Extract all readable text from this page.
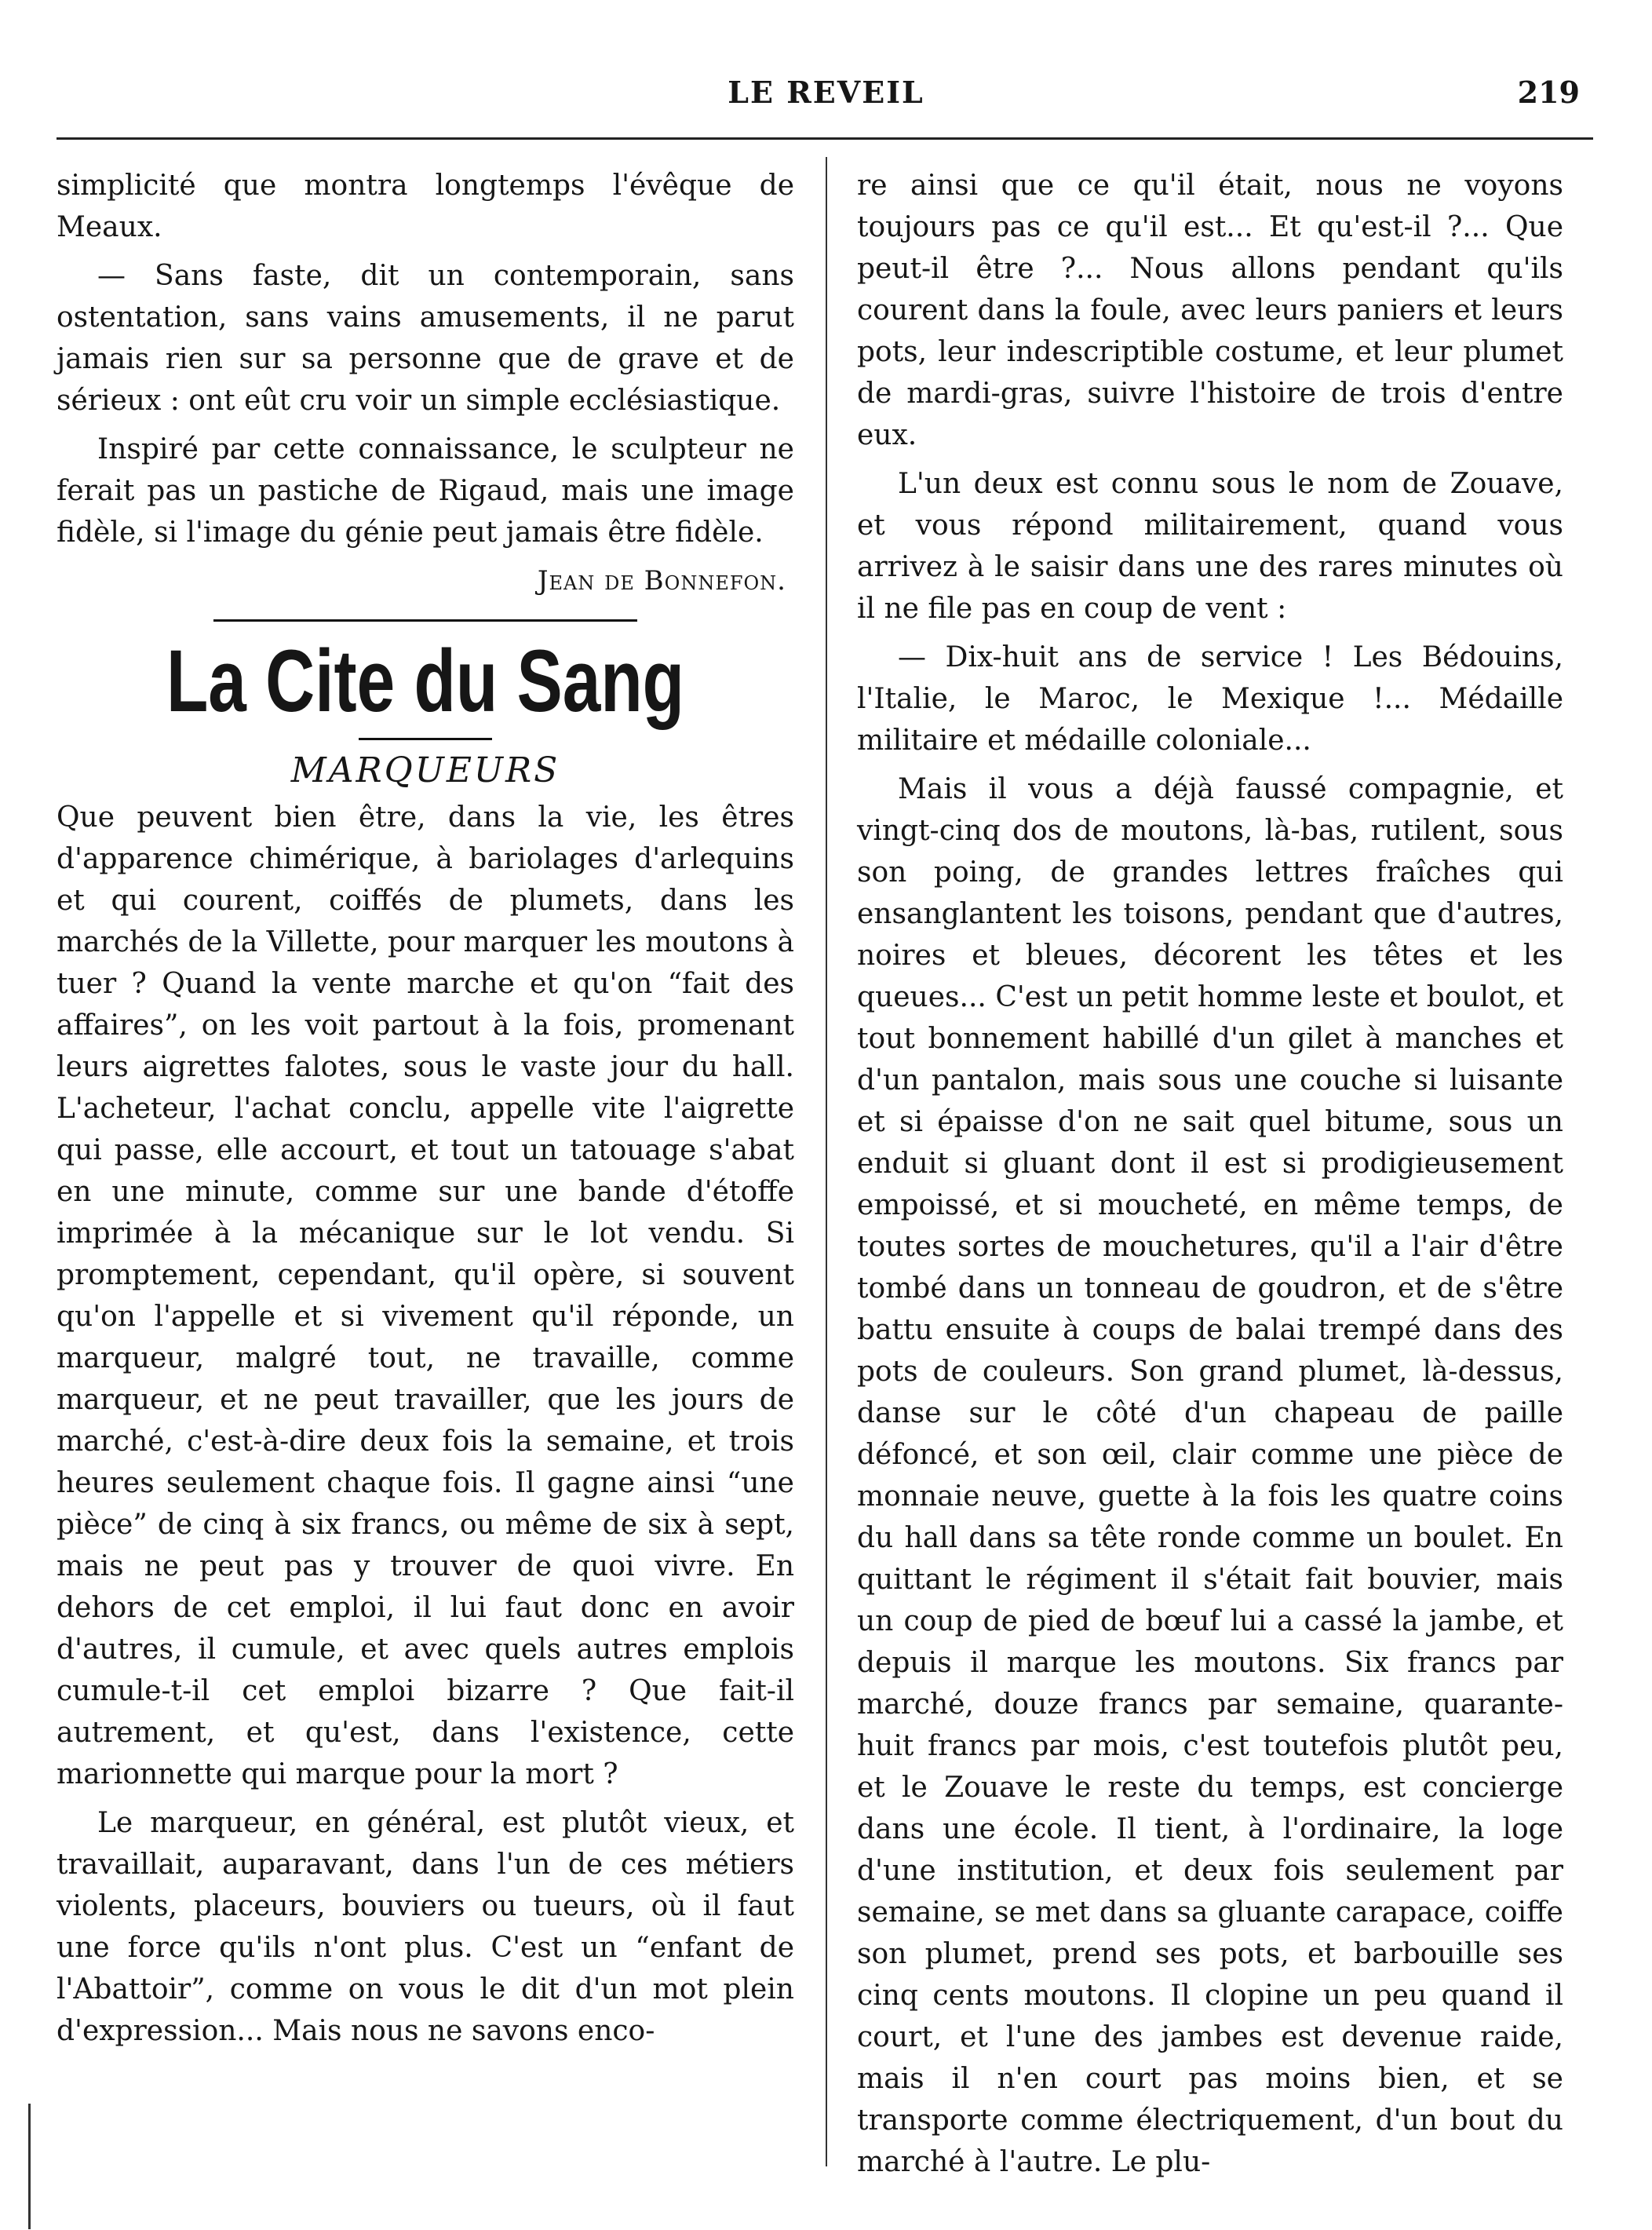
LE REVEIL	219

simplicité que montra longtemps l'évêque de Meaux.

— Sans faste, dit un contemporain, sans ostentation, sans vains amusements, il ne parut jamais rien sur sa personne que de grave et de sérieux : ont eût cru voir un simple ecclésiastique.

Inspiré par cette connaissance, le sculpteur ne ferait pas un pastiche de Rigaud, mais une image fidèle, si l'image du génie peut jamais être fidèle.

Jean de Bonnefon.
La Cite du Sang
MARQUEURS

Que peuvent bien être, dans la vie, les êtres d'apparence chimérique, à bariolages d'arlequins et qui courent, coiffés de plumets, dans les marchés de la Villette, pour marquer les moutons à tuer ? Quand la vente marche et qu'on “fait des affaires”, on les voit partout à la fois, promenant leurs aigrettes falotes, sous le vaste jour du hall. L'acheteur, l'achat conclu, appelle vite l'aigrette qui passe, elle accourt, et tout un tatouage s'abat en une minute, comme sur une bande d'étoffe imprimée à la mécanique sur le lot vendu. Si promptement, cependant, qu'il opère, si souvent qu'on l'appelle et si vivement qu'il réponde, un marqueur, malgré tout, ne travaille, comme marqueur, et ne peut travailler, que les jours de marché, c'est-à-dire deux fois la semaine, et trois heures seulement chaque fois. Il gagne ainsi “une pièce” de cinq à six francs, ou même de six à sept, mais ne peut pas y trouver de quoi vivre. En dehors de cet emploi, il lui faut donc en avoir d'autres, il cumule, et avec quels autres emplois cumule-t-il cet emploi bizarre ? Que fait-il autrement, et qu'est, dans l'existence, cette marionnette qui marque pour la mort ?

Le marqueur, en général, est plutôt vieux, et travaillait, auparavant, dans l'un de ces métiers violents, placeurs, bouviers ou tueurs, où il faut une force qu'ils n'ont plus. C'est un “enfant de l'Abattoir”, comme on vous le dit d'un mot plein d'expression... Mais nous ne savons enco-

re ainsi que ce qu'il était, nous ne voyons toujours pas ce qu'il est... Et qu'est-il ?... Que peut-il être ?... Nous allons pendant qu'ils courent dans la foule, avec leurs paniers et leurs pots, leur indescriptible costume, et leur plumet de mardi-gras, suivre l'histoire de trois d'entre eux.

L'un deux est connu sous le nom de Zouave, et vous répond militairement, quand vous arrivez à le saisir dans une des rares minutes où il ne file pas en coup de vent :

— Dix-huit ans de service ! Les Bédouins, l'Italie, le Maroc, le Mexique !... Médaille militaire et médaille coloniale...

Mais il vous a déjà faussé compagnie, et vingt-cinq dos de moutons, là-bas, rutilent, sous son poing, de grandes lettres fraîches qui ensanglantent les toisons, pendant que d'autres, noires et bleues, décorent les têtes et les queues... C'est un petit homme leste et boulot, et tout bonnement habillé d'un gilet à manches et d'un pantalon, mais sous une couche si luisante et si épaisse d'on ne sait quel bitume, sous un enduit si gluant dont il est si prodigieusement empoissé, et si moucheté, en même temps, de toutes sortes de mouchetures, qu'il a l'air d'être tombé dans un tonneau de goudron, et de s'être battu ensuite à coups de balai trempé dans des pots de couleurs. Son grand plumet, là-dessus, danse sur le côté d'un chapeau de paille défoncé, et son œil, clair comme une pièce de monnaie neuve, guette à la fois les quatre coins du hall dans sa tête ronde comme un boulet. En quittant le régiment il s'était fait bouvier, mais un coup de pied de bœuf lui a cassé la jambe, et depuis il marque les moutons. Six francs par marché, douze francs par semaine, quarante-huit francs par mois, c'est toutefois plutôt peu, et le Zouave le reste du temps, est concierge dans une école. Il tient, à l'ordinaire, la loge d'une institution, et deux fois seulement par semaine, se met dans sa gluante carapace, coiffe son plumet, prend ses pots, et barbouille ses cinq cents moutons. Il clopine un peu quand il court, et l'une des jambes est devenue raide, mais il n'en court pas moins bien, et se transporte comme électriquement, d'un bout du marché à l'autre. Le plu-
